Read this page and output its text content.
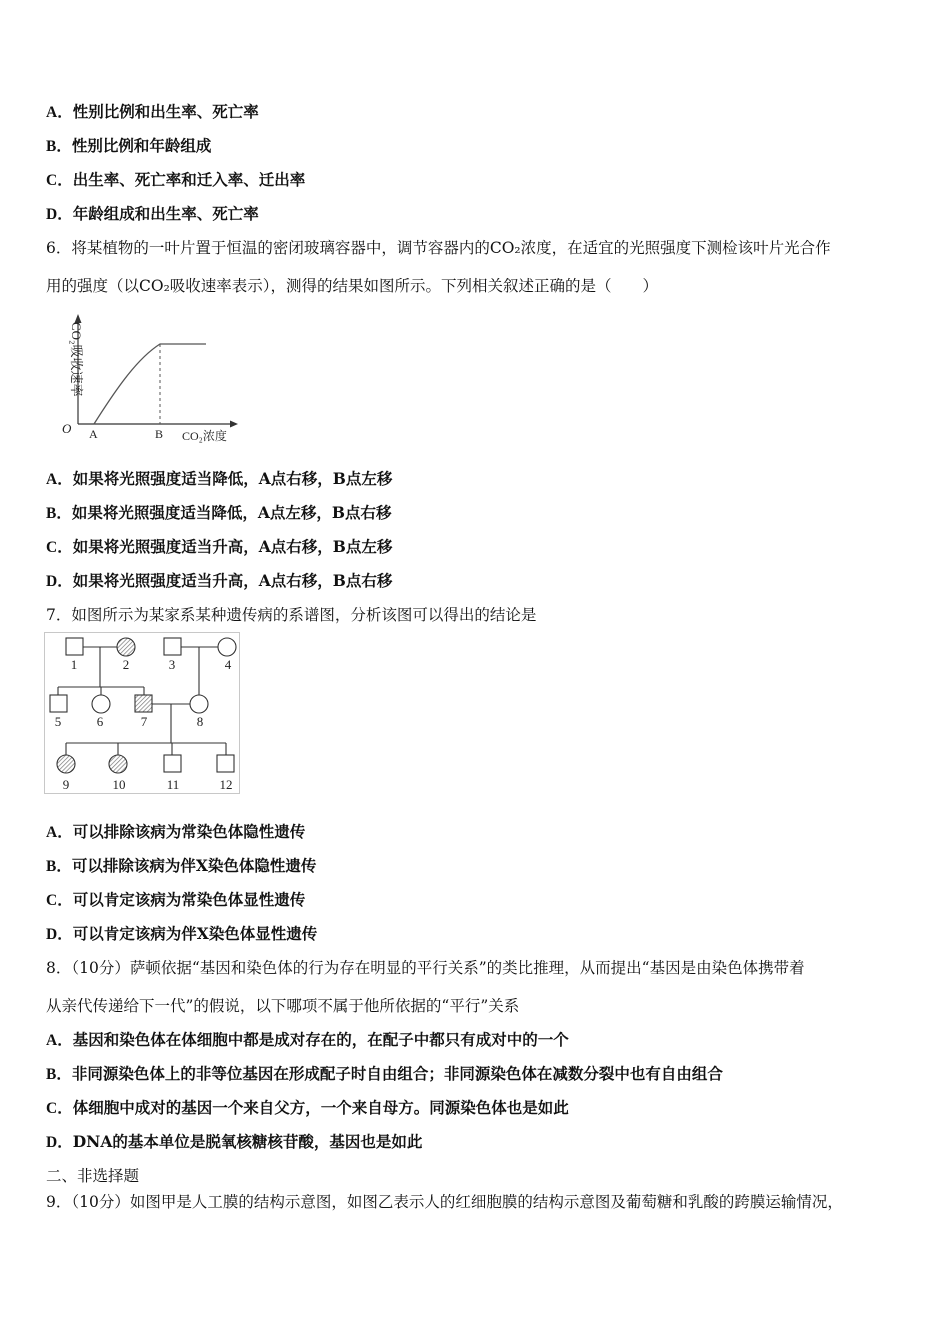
A．性别比例和出生率、死亡率
B．性别比例和年龄组成
C．出生率、死亡率和迁入率、迁出率
D．年龄组成和出生率、死亡率
6．将某植物的一叶片置于恒温的密闭玻璃容器中，调节容器内的CO₂浓度，在适宜的光照强度下测检该叶片光合作
用的强度（以CO₂吸收速率表示），测得的结果如图所示。下列相关叙述正确的是（　　）
CO₂吸收速率
O A	B CO₂浓度
A．如果将光照强度适当降低，A点右移，B点左移
B．如果将光照强度适当降低，A点左移，B点右移
C．如果将光照强度适当升高，A点右移，B点左移
D．如果将光照强度适当升高，A点右移，B点右移
7．如图所示为某家系某种遗传病的系谱图，分析该图可以得出的结论是
1	2	3	4
5	6	7	8
9	10	11	12
A．可以排除该病为常染色体隐性遗传
B．可以排除该病为伴X染色体隐性遗传
C．可以肯定该病为常染色体显性遗传
D．可以肯定该病为伴X染色体显性遗传
8．（10分）萨顿依据“基因和染色体的行为存在明显的平行关系”的类比推理，从而提出“基因是由染色体携带着
从亲代传递给下一代”的假说，以下哪项不属于他所依据的“平行”关系
A．基因和染色体在体细胞中都是成对存在的，在配子中都只有成对中的一个
B．非同源染色体上的非等位基因在形成配子时自由组合；非同源染色体在减数分裂中也有自由组合
C．体细胞中成对的基因一个来自父方，一个来自母方。同源染色体也是如此
D．DNA的基本单位是脱氧核糖核苷酸，基因也是如此
二、非选择题
9．（10分）如图甲是人工膜的结构示意图，如图乙表示人的红细胞膜的结构示意图及葡萄糖和乳酸的跨膜运输情况，
